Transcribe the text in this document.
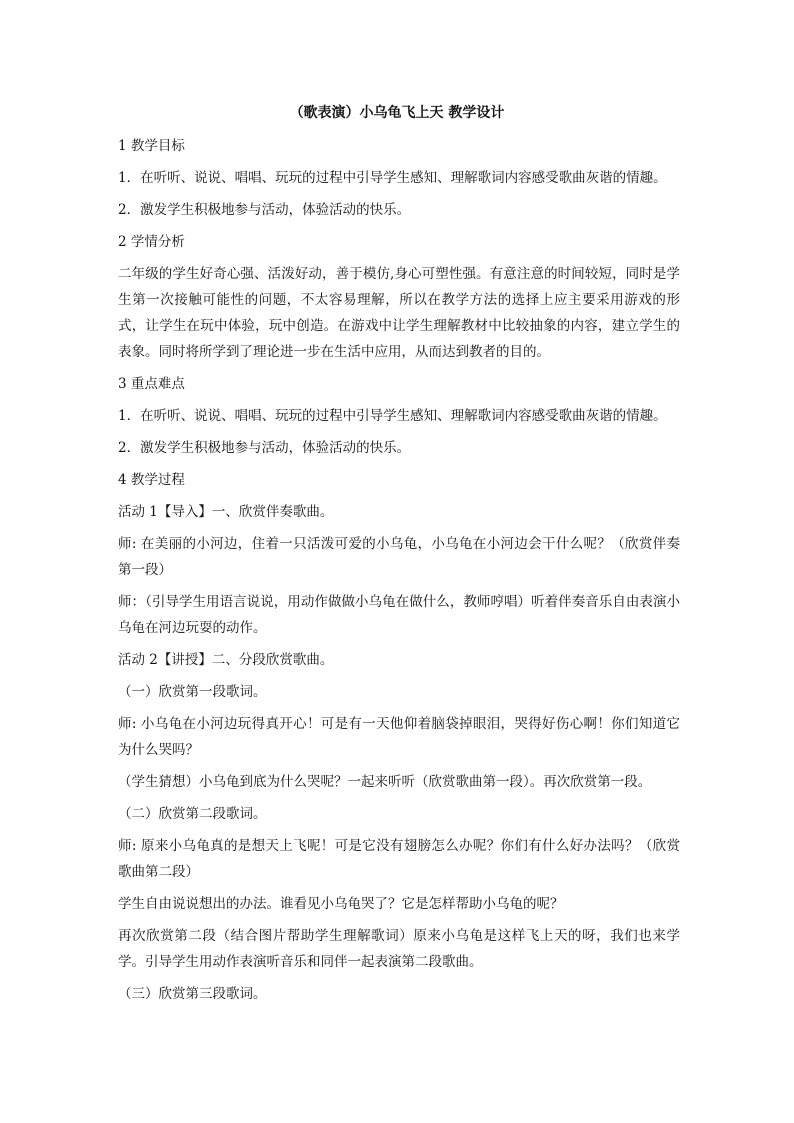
（歌表演）小乌龟飞上天 教学设计

1 教学目标

1．在听听、说说、唱唱、玩玩的过程中引导学生感知、理解歌词内容感受歌曲灰谐的情趣。

2．激发学生积极地参与活动，体验活动的快乐。

2 学情分析

二年级的学生好奇心强、活泼好动，善于模仿,身心可塑性强。有意注意的时间较短，同时是学生第一次接触可能性的问题，不太容易理解，所以在教学方法的选择上应主要采用游戏的形式，让学生在玩中体验，玩中创造。在游戏中让学生理解教材中比较抽象的内容，建立学生的表象。同时将所学到了理论进一步在生活中应用，从而达到教者的目的。

3 重点难点

1．在听听、说说、唱唱、玩玩的过程中引导学生感知、理解歌词内容感受歌曲灰谐的情趣。

2．激发学生积极地参与活动，体验活动的快乐。

4 教学过程

活动 1【导入】一、欣赏伴奏歌曲。

师: 在美丽的小河边，住着一只活泼可爱的小乌龟，小乌龟在小河边会干什么呢？（欣赏伴奏第一段）

师：（引导学生用语言说说，用动作做做小乌龟在做什么，教师哼唱）听着伴奏音乐自由表演小乌龟在河边玩耍的动作。

活动 2【讲授】二、分段欣赏歌曲。

（一）欣赏第一段歌词。

师: 小乌龟在小河边玩得真开心！可是有一天他仰着脑袋掉眼泪，哭得好伤心啊！你们知道它为什么哭吗？

（学生猜想）小乌龟到底为什么哭呢？一起来听听（欣赏歌曲第一段）。再次欣赏第一段。

（二）欣赏第二段歌词。

师: 原来小乌龟真的是想天上飞呢！可是它没有翅膀怎么办呢？你们有什么好办法吗？（欣赏歌曲第二段）

学生自由说说想出的办法。谁看见小乌龟哭了？它是怎样帮助小乌龟的呢？

再次欣赏第二段（结合图片帮助学生理解歌词）原来小乌龟是这样飞上天的呀，我们也来学学。引导学生用动作表演听音乐和同伴一起表演第二段歌曲。

（三）欣赏第三段歌词。
